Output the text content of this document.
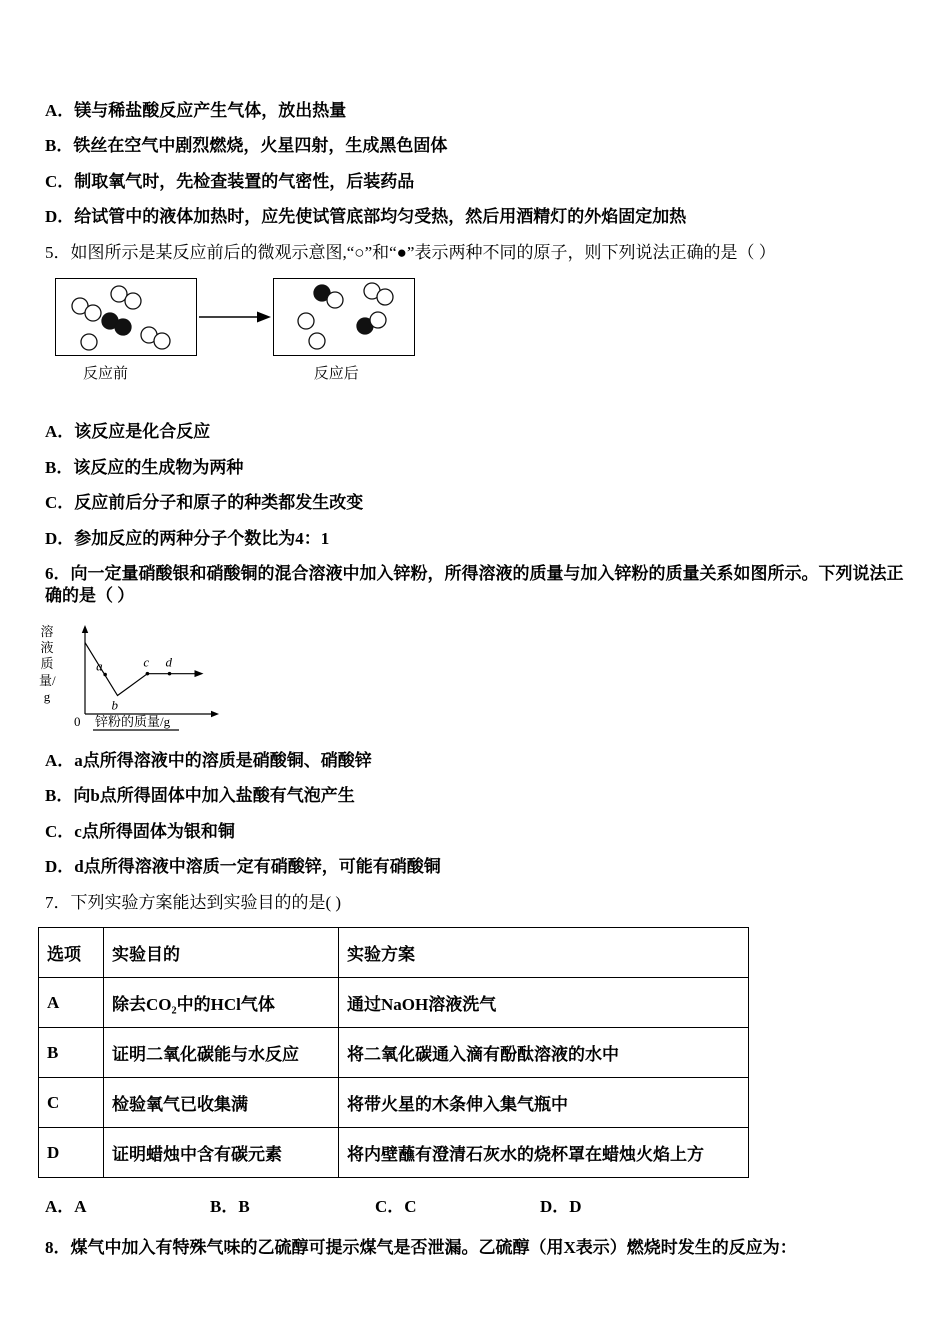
A．镁与稀盐酸反应产生气体，放出热量
B．铁丝在空气中剧烈燃烧，火星四射，生成黑色固体
C．制取氧气时，先检查装置的气密性，后装药品
D．给试管中的液体加热时，应先使试管底部均匀受热，然后用酒精灯的外焰固定加热
5．如图所示是某反应前后的微观示意图,“○”和“●”表示两种不同的原子，则下列说法正确的是（ ）
反应前	反应后
A．该反应是化合反应
B．该反应的生成物为两种
C．反应前后分子和原子的种类都发生改变
D．参加反应的两种分子个数比为4：1
6．向一定量硝酸银和硝酸铜的混合溶液中加入锌粉，所得溶液的质量与加入锌粉的质量关系如图所示。下列说法正确的是（ ）
溶液质量/g
0 锌粉的质量/g
a
b
c d
A．a点所得溶液中的溶质是硝酸铜、硝酸锌
B．向b点所得固体中加入盐酸有气泡产生
C．c点所得固体为银和铜
D．d点所得溶液中溶质一定有硝酸锌，可能有硝酸铜
7．下列实验方案能达到实验目的的是( )
选项	实验目的	实验方案
A	除去CO₂中的HCl气体	通过NaOH溶液洗气
B	证明二氧化碳能与水反应	将二氧化碳通入滴有酚酞溶液的水中
C	检验氧气已收集满	将带火星的木条伸入集气瓶中
D	证明蜡烛中含有碳元素	将内壁蘸有澄清石灰水的烧杯罩在蜡烛火焰上方
A．A	B．B	C．C	D．D
8．煤气中加入有特殊气味的乙硫醇可提示煤气是否泄漏。乙硫醇（用X表示）燃烧时发生的反应为：
